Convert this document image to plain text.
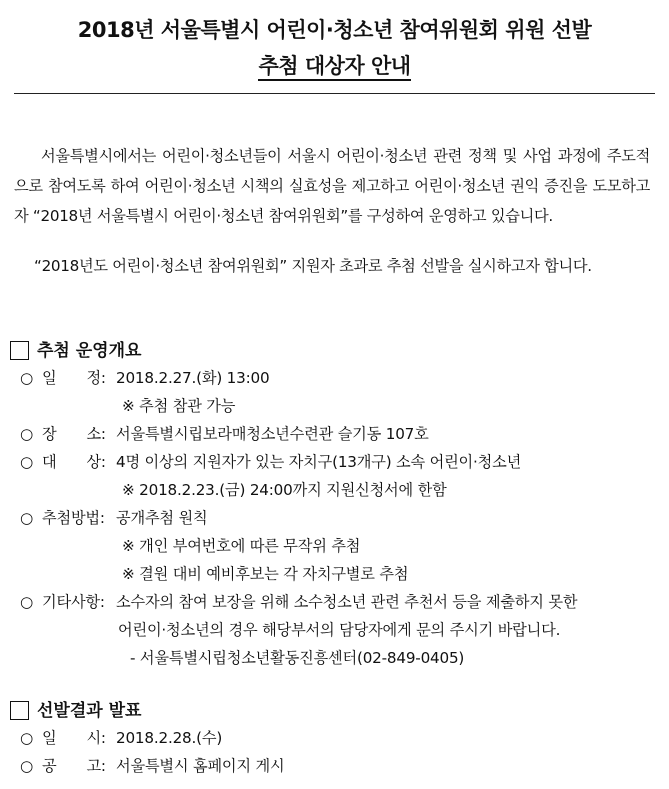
2018년 서울특별시 어린이·청소년 참여위원회 위원 선발
추첨 대상자 안내
서울특별시에서는 어린이·청소년들이 서울시 어린이·청소년 관련 정책 및 사업 과정에 주도적으로 참여도록 하여 어린이·청소년 시책의 실효성을 제고하고 어린이·청소년 권익 증진을 도모하고자 “2018년 서울특별시 어린이·청소년 참여위원회”를 구성하여 운영하고 있습니다.
“2018년도 어린이·청소년 참여위원회” 지원자 초과로 추첨 선발을 실시하고자 합니다.
추첨 운영개요
○ 일　　정: 2018.2.27.(화) 13:00
※ 추첨 참관 가능
○ 장　　소: 서울특별시립보라매청소년수련관 슬기동 107호
○ 대　　상: 4명 이상의 지원자가 있는 자치구(13개구) 소속 어린이·청소년
※ 2018.2.23.(금) 24:00까지 지원신청서에 한함
○ 추첨방법: 공개추첨 원칙
※ 개인 부여번호에 따른 무작위 추첨
※ 결원 대비 예비후보는 각 자치구별로 추첨
○ 기타사항: 소수자의 참여 보장을 위해 소수청소년 관련 추천서 등을 제출하지 못한
어린이·청소년의 경우 해당부서의 담당자에게 문의 주시기 바랍니다.
- 서울특별시립청소년활동진흥센터(02-849-0405)
선발결과 발표
○ 일　　시: 2018.2.28.(수)
○ 공　　고: 서울특별시 홈페이지 게시
